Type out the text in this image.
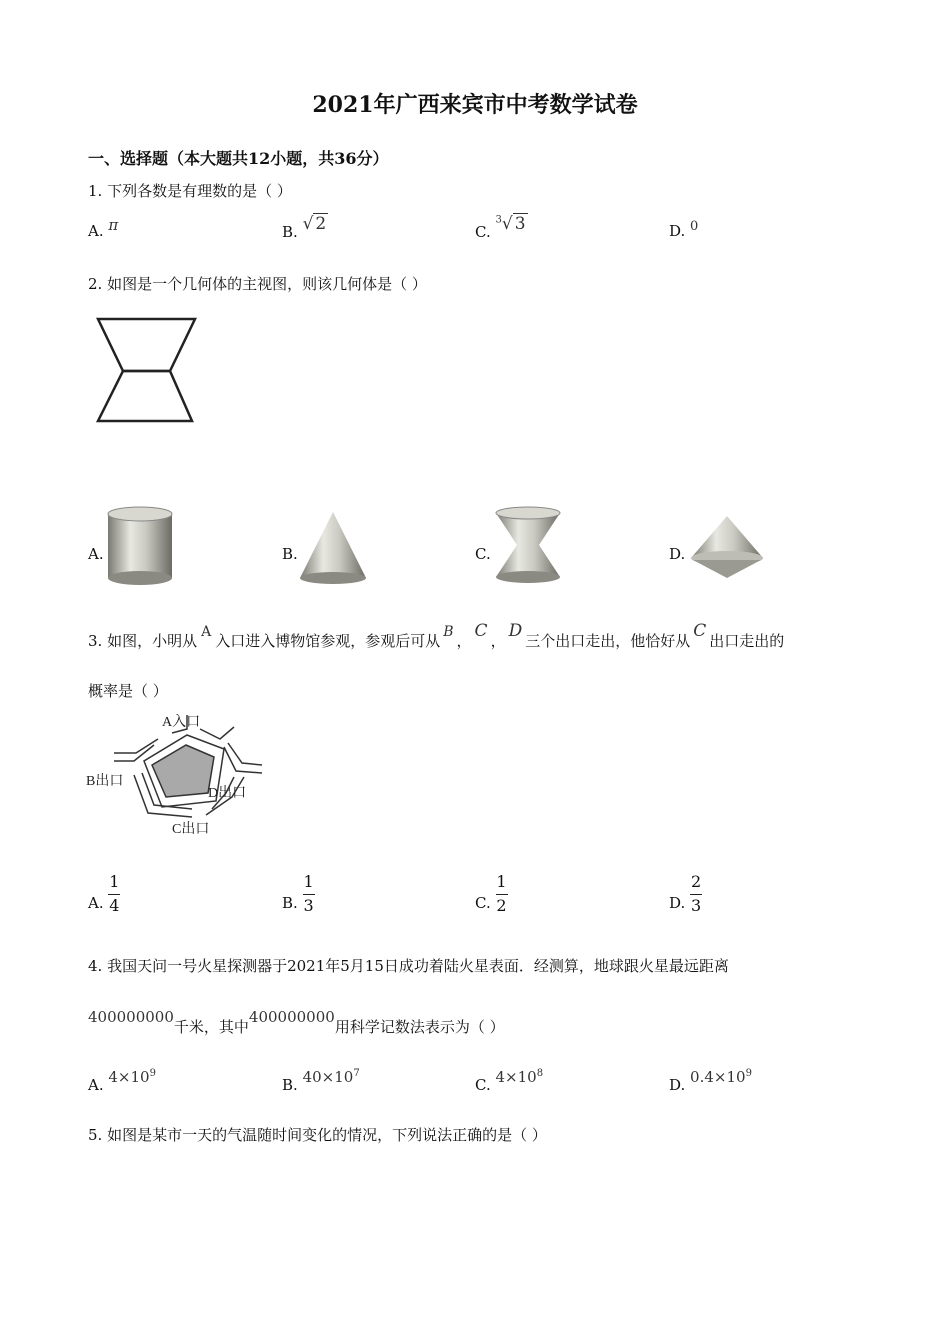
2021年广西来宾市中考数学试卷
一、选择题（本大题共12小题，共36分）
1. 下列各数是有理数的是（ ）
A. π	B. √ 2	C. $^3$√ 3	D. 0
2. 如图是一个几何体的主视图，则该几何体是（ ）
A.	B.	C.	D.
3. 如图，小明从 A 入口进入博物馆参观，参观后可从 B ， C ， D 三个出口走出，他恰好从 C 出口走出的
概率是（ ）
A入口
B出口
D出口
C出口
A. $\frac{1}{4}$	B. $\frac{1}{3}$	C. $\frac{1}{2}$	D. $\frac{2}{3}$
4. 我国天问一号火星探测器于2021年5月15日成功着陆火星表面．经测算，地球跟火星最远距离
400000000千米，其中400000000用科学记数法表示为（ ）
A. $4\times 10^9$
B. $40\times 10^7$
C. $4\times 10^8$
D. $0.4\times 10^9$
5. 如图是某市一天的气温随时间变化的情况，下列说法正确的是（ ）
